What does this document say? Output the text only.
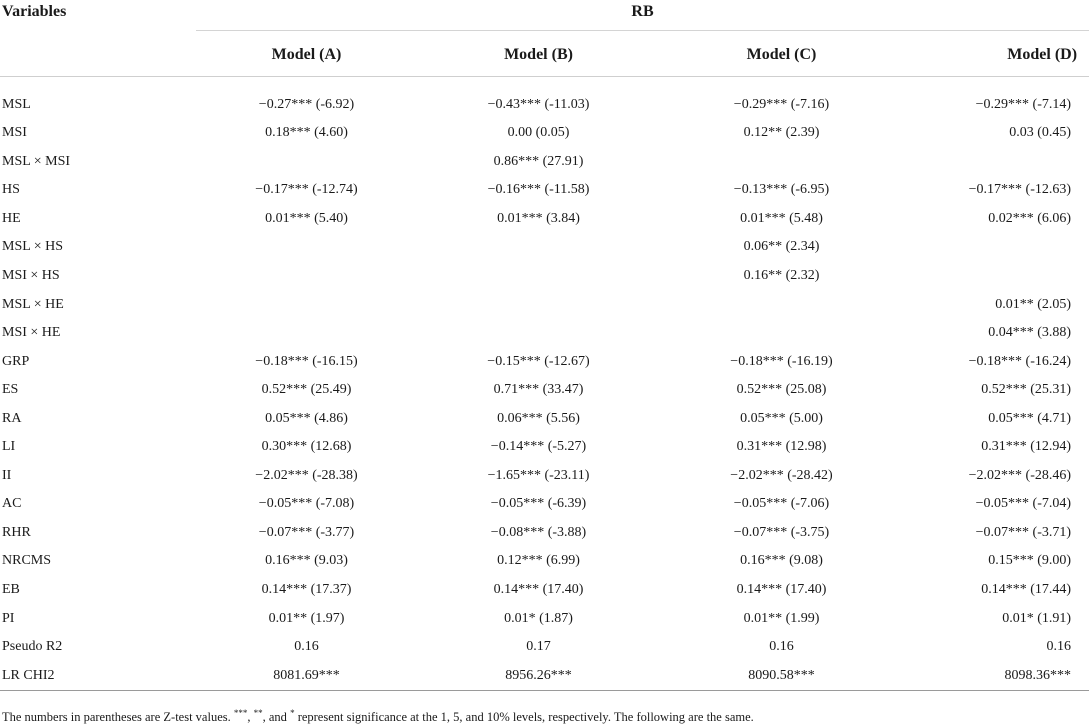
Variables	RB			
	Model (A)	Model (B)	Model (C)	Model (D)
MSL	−0.27*** (-6.92)	−0.43*** (-11.03)	−0.29*** (-7.16)	−0.29*** (-7.14)
MSI	0.18*** (4.60)	0.00 (0.05)	0.12** (2.39)	0.03 (0.45)
MSL × MSI		0.86*** (27.91)		
HS	−0.17*** (-12.74)	−0.16*** (-11.58)	−0.13*** (-6.95)	−0.17*** (-12.63)
HE	0.01*** (5.40)	0.01*** (3.84)	0.01*** (5.48)	0.02*** (6.06)
MSL × HS			0.06** (2.34)	
MSI × HS			0.16** (2.32)	
MSL × HE				0.01** (2.05)
MSI × HE				0.04*** (3.88)
GRP	−0.18*** (-16.15)	−0.15*** (-12.67)	−0.18*** (-16.19)	−0.18*** (-16.24)
ES	0.52*** (25.49)	0.71*** (33.47)	0.52*** (25.08)	0.52*** (25.31)
RA	0.05*** (4.86)	0.06*** (5.56)	0.05*** (5.00)	0.05*** (4.71)
LI	0.30*** (12.68)	−0.14*** (-5.27)	0.31*** (12.98)	0.31*** (12.94)
II	−2.02*** (-28.38)	−1.65*** (-23.11)	−2.02*** (-28.42)	−2.02*** (-28.46)
AC	−0.05*** (-7.08)	−0.05*** (-6.39)	−0.05*** (-7.06)	−0.05*** (-7.04)
RHR	−0.07*** (-3.77)	−0.08*** (-3.88)	−0.07*** (-3.75)	−0.07*** (-3.71)
NRCMS	0.16*** (9.03)	0.12*** (6.99)	0.16*** (9.08)	0.15*** (9.00)
EB	0.14*** (17.37)	0.14*** (17.40)	0.14*** (17.40)	0.14*** (17.44)
PI	0.01** (1.97)	0.01* (1.87)	0.01** (1.99)	0.01* (1.91)
Pseudo R2	0.16	0.17	0.16	0.16
LR CHI2	8081.69***	8956.26***	8090.58***	8098.36***
The numbers in parentheses are Z-test values. ***, **, and * represent significance at the 1, 5, and 10% levels, respectively. The following are the same.
